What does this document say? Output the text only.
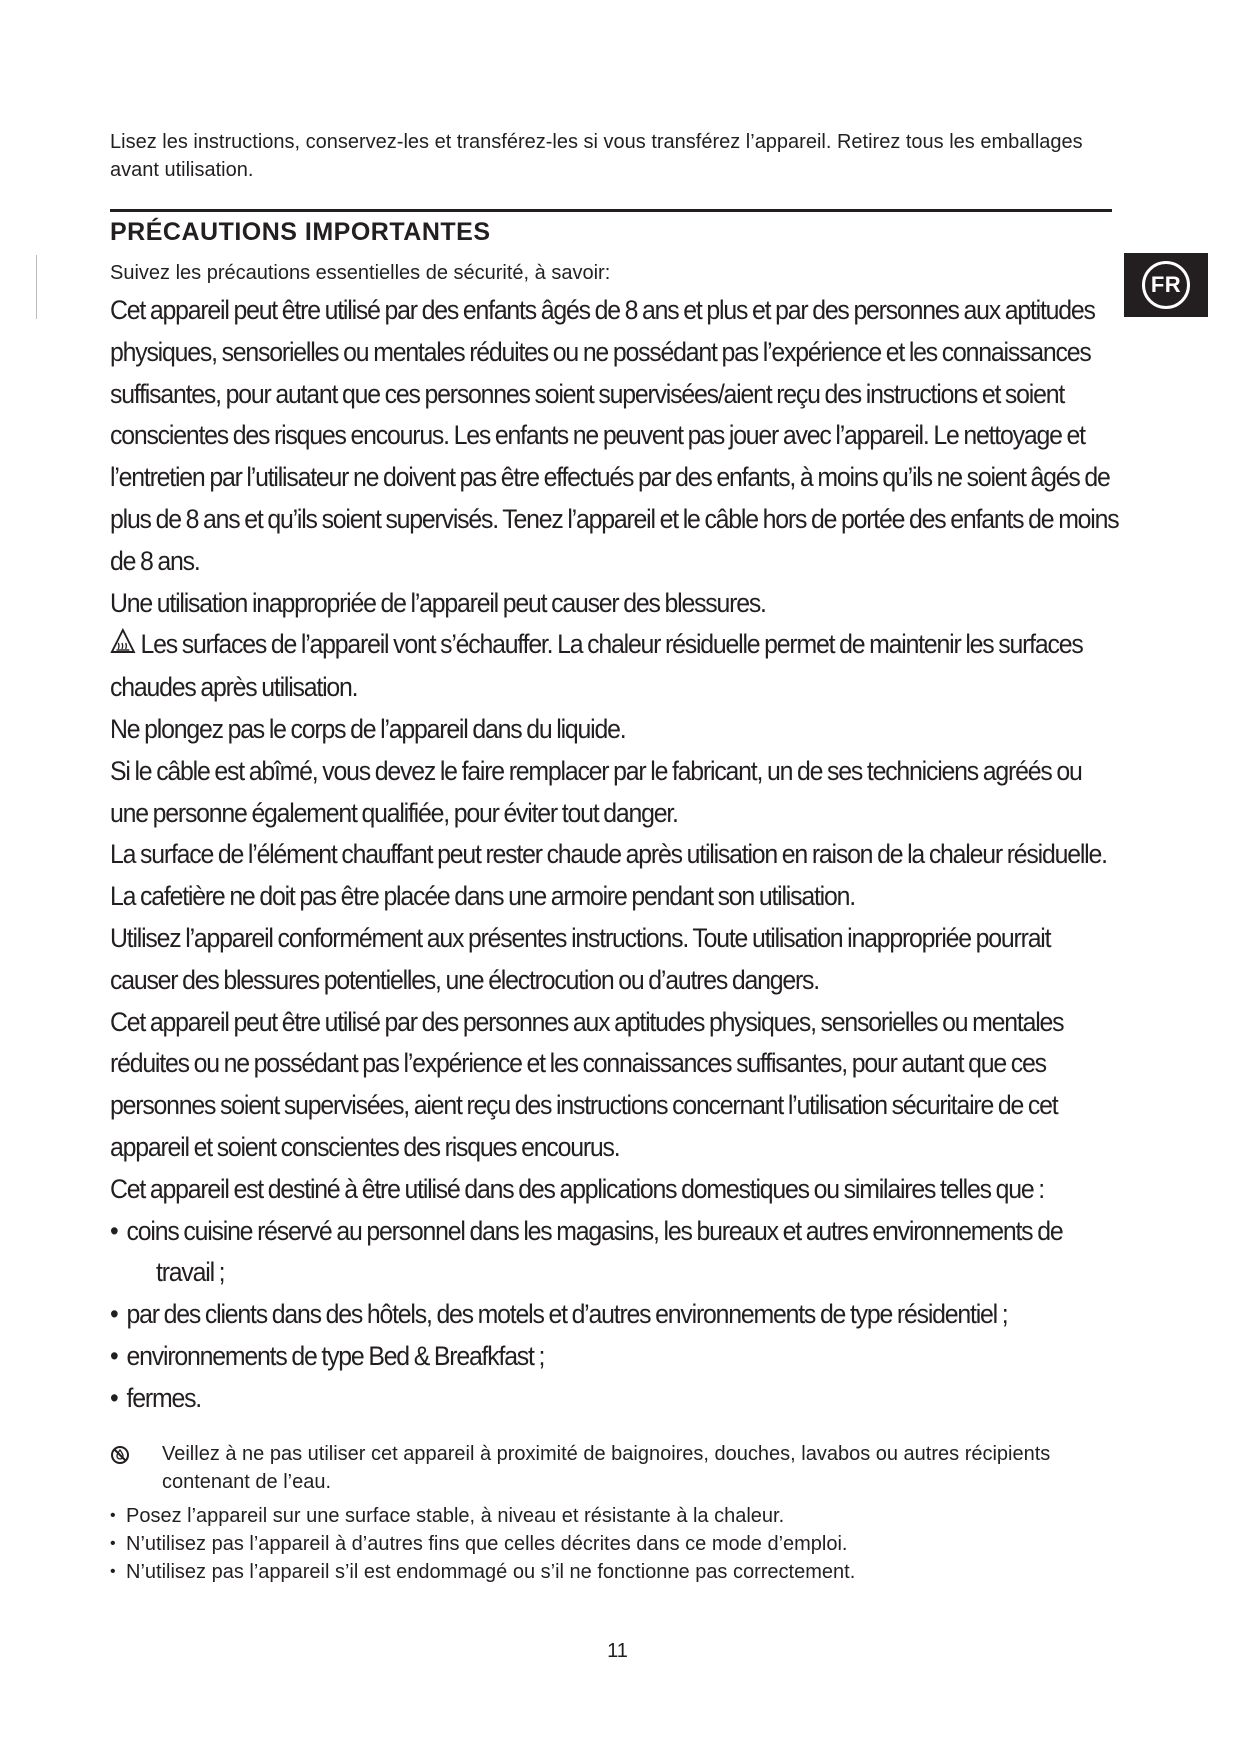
FR

Lisez les instructions, conservez-les et transférez-les si vous transférez l’appareil. Retirez tous les emballages avant utilisation.

PRÉCAUTIONS IMPORTANTES

Suivez les précautions essentielles de sécurité, à savoir:

Cet appareil peut être utilisé par des enfants âgés de 8 ans et plus et par des personnes aux aptitudes physiques, sensorielles ou mentales réduites ou ne possédant pas l’expérience et les connaissances suffisantes, pour autant que ces personnes soient supervisées/aient reçu des instructions et soient conscientes des risques encourus. Les enfants ne peuvent pas jouer avec l’appareil. Le nettoyage et l’entretien par l’utilisateur ne doivent pas être effectués par des enfants, à moins qu’ils ne soient âgés de plus de 8 ans et qu’ils soient supervisés. Tenez l’appareil et le câble hors de portée des enfants de moins de 8 ans.

Une utilisation inappropriée de l’appareil peut causer des blessures.

Les surfaces de l’appareil vont s’échauffer. La chaleur résiduelle permet de maintenir les surfaces chaudes après utilisation.

Ne plongez pas le corps de l’appareil dans du liquide.

Si le câble est abîmé, vous devez le faire remplacer par le fabricant, un de ses techniciens agréés ou une personne également qualifiée, pour éviter tout danger.

La surface de l’élément chauffant peut rester chaude après utilisation en raison de la chaleur résiduelle.

La cafetière ne doit pas être placée dans une armoire pendant son utilisation.

Utilisez l’appareil conformément aux présentes instructions. Toute utilisation inappropriée pourrait causer des blessures potentielles, une électrocution ou d’autres dangers.

Cet appareil peut être utilisé par des personnes aux aptitudes physiques, sensorielles ou mentales réduites ou ne possédant pas l’expérience et les connaissances suffisantes, pour autant que ces personnes soient supervisées, aient reçu des instructions concernant l’utilisation sécuritaire de cet appareil et soient conscientes des risques encourus.

Cet appareil est destiné à être utilisé dans des applications domestiques ou similaires telles que :

• coins cuisine réservé au personnel dans les magasins, les bureaux et autres environnements de
travail ;
• par des clients dans des hôtels, des motels et d’autres environnements de type résidentiel ;
• environnements de type Bed & Breafkfast ;
• fermes.
Veillez à ne pas utiliser cet appareil à proximité de baignoires, douches, lavabos ou autres récipients contenant de l’eau.
• Posez l’appareil sur une surface stable, à niveau et résistante à la chaleur.
• N’utilisez pas l’appareil à d’autres fins que celles décrites dans ce mode d’emploi.
• N’utilisez pas l’appareil s’il est endommagé ou s’il ne fonctionne pas correctement.
11
